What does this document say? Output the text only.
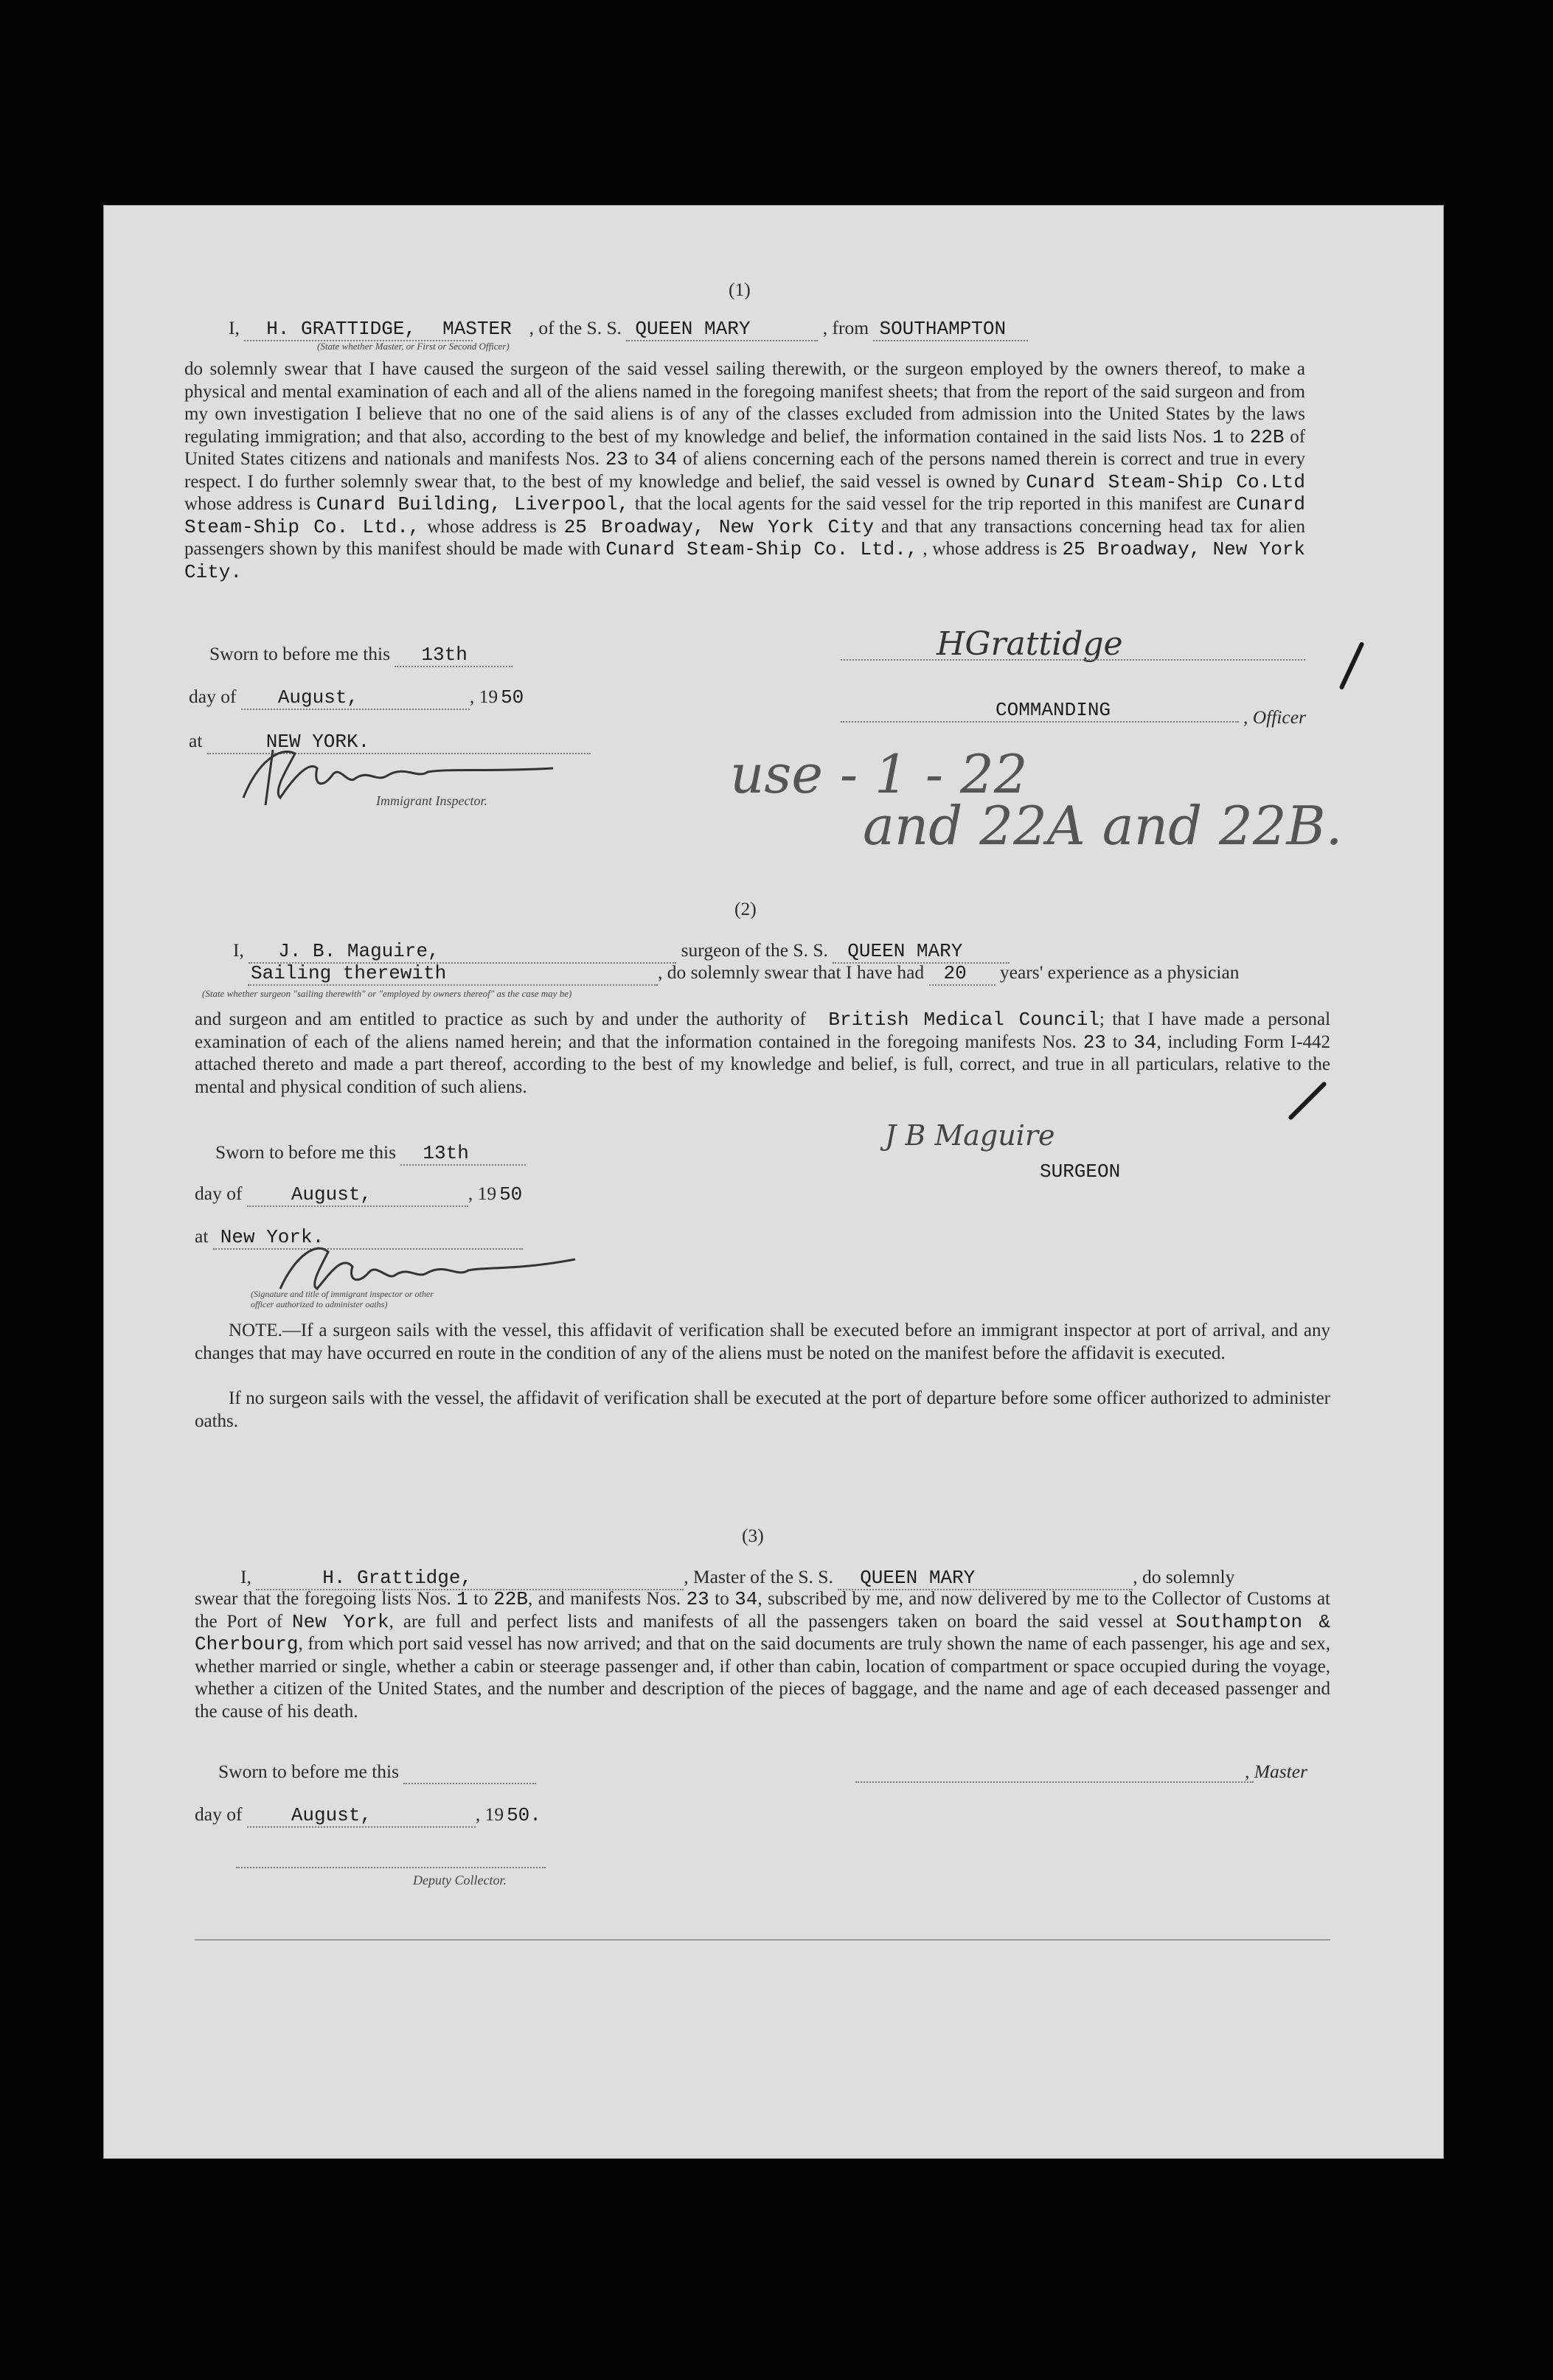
(1)
I, H. GRATTIDGE, MASTER , of the S. S. QUEEN MARY	, from SOUTHAMPTON
(State whether Master, or First or Second Officer)
do solemnly swear that I have caused the surgeon of the said vessel sailing therewith, or the surgeon employed by the owners thereof, to make a physical and mental examination of each and all of the aliens named in the foregoing manifest sheets; that from the report of the said surgeon and from my own investigation I believe that no one of the said aliens is of any of the classes excluded from admission into the United States by the laws regulating immigration; and that also, according to the best of my knowledge and belief, the information contained in the said lists Nos. 1 to 22B of United States citizens and nationals and manifests Nos. 23 to 34 of aliens concerning each of the persons named therein is correct and true in every respect. I do further solemnly swear that, to the best of my knowledge and belief, the said vessel is owned by Cunard Steam-Ship Co.Ltd whose address is Cunard Building, Liverpool, that the local agents for the said vessel for the trip reported in this manifest are Cunard Steam-Ship Co. Ltd., whose address is 25 Broadway, New York City and that any transactions concerning head tax for alien passengers shown by this manifest should be made with Cunard Steam-Ship Co. Ltd., , whose address is 25 Broadway, New York City.
Sworn to before me this 13th
day of August,	, 19 50
at	NEW YORK.
Immigrant Inspector.
HGrattidge
COMMANDING	, Officer
use - 1 - 22
and 22A and 22B.
(2)
I, J. B. Maguire,	surgeon of the S. S. QUEEN MARY
Sailing therewith	, do solemnly swear that I have had 20 years' experience as a physician
(State whether surgeon "sailing therewith" or "employed by owners thereof" as the case may be)
and surgeon and am entitled to practice as such by and under the authority of British Medical Council; that I have made a personal examination of each of the aliens named herein; and that the information contained in the foregoing manifests Nos. 23 to 34, including Form I-442 attached thereto and made a part thereof, according to the best of my knowledge and belief, is full, correct, and true in all particulars, relative to the mental and physical condition of such aliens.
Sworn to before me this 13th
day of	August,	, 19 50
at New York.
(Signature and title of immigrant inspector or other officer authorized to administer oaths)
J B Maguire
SURGEON
NOTE.—If a surgeon sails with the vessel, this affidavit of verification shall be executed before an immigrant inspector at port of arrival, and any changes that may have occurred en route in the condition of any of the aliens must be noted on the manifest before the affidavit is executed.
If no surgeon sails with the vessel, the affidavit of verification shall be executed at the port of departure before some officer authorized to administer oaths.
(3)
I,	H. Grattidge,	, Master of the S. S. QUEEN MARY	, do solemnly
swear that the foregoing lists Nos. 1 to 22B, and manifests Nos. 23 to 34, subscribed by me, and now delivered by me to the Collector of Customs at the Port of New York, are full and perfect lists and manifests of all the passengers taken on board the said vessel at Southampton & Cherbourg, from which port said vessel has now arrived; and that on the said documents are truly shown the name of each passenger, his age and sex, whether married or single, whether a cabin or steerage passenger and, if other than cabin, location of compartment or space occupied during the voyage, whether a citizen of the United States, and the number and description of the pieces of baggage, and the name and age of each deceased passenger and the cause of his death.
Sworn to before me this	, Master
day of	August,	, 19 50.
Deputy Collector.
